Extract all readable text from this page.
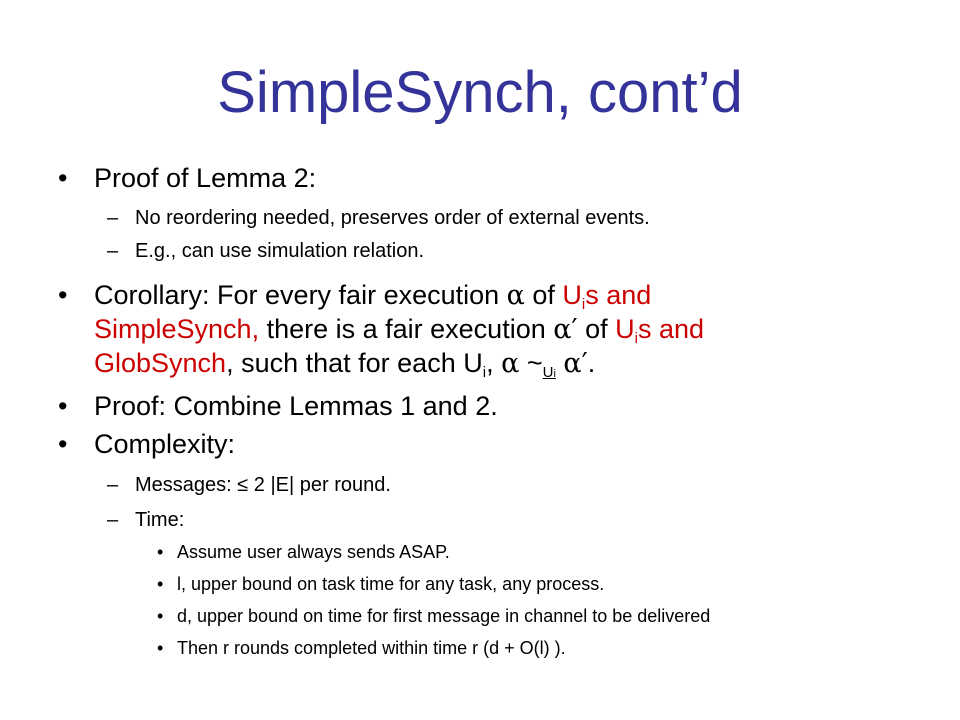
SimpleSynch, cont’d
• Proof of Lemma 2:
– No reordering needed, preserves order of external events.
– E.g., can use simulation relation.
• Corollary: For every fair execution α of $U_is$ and
SimpleSynch, there is a fair execution α′ of $U_is$ and
GlobSynch, such that for each $U_i$, α ~Ui α′.
• Proof: Combine Lemmas 1 and 2.
• Complexity:
– Messages: ≤ 2 |E| per round.
– Time:
• Assume user always sends ASAP.
• l, upper bound on task time for any task, any process.
• d, upper bound on time for first message in channel to be delivered
• Then r rounds completed within time r (d + O(l) ).
